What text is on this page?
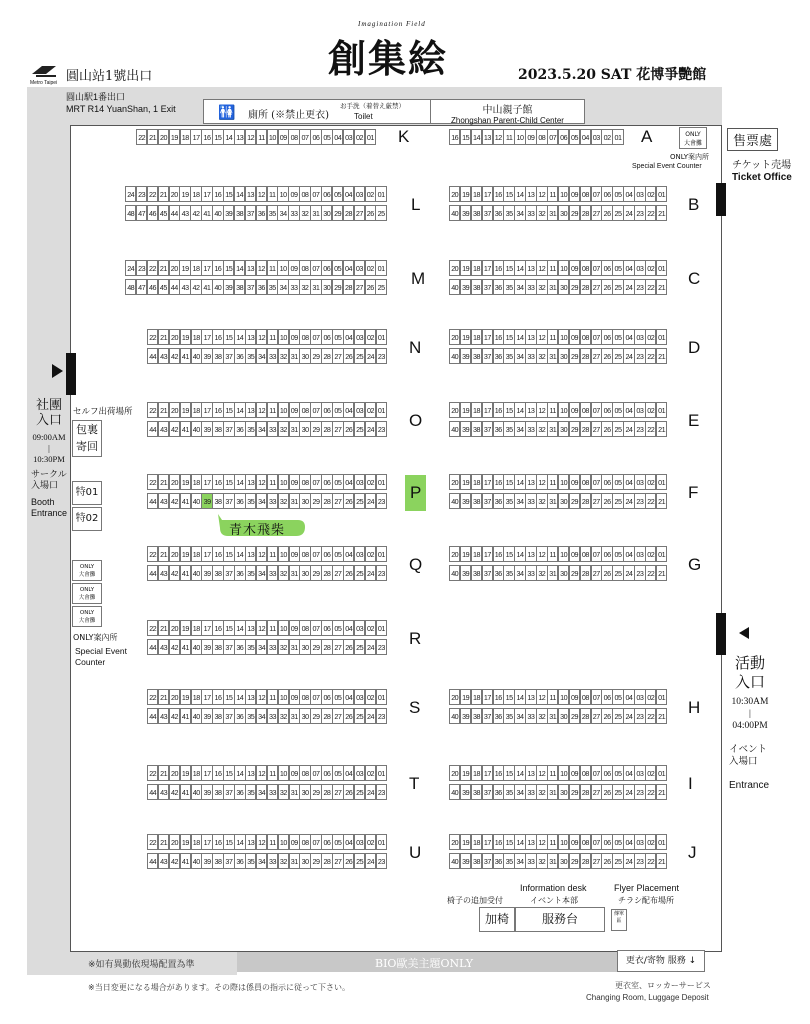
Metro Taipei 圓山站1號出口
Imagination Field
創集絵	2023.5.20 SAT 花博爭艷館
圓山駅1番出口
MRT R14 YuanShan, 1 Exit	🚻 廁所 (※禁止更衣)
お手洗（着替え厳禁）
Toilet
中山親子館
Zhongshan Parent-Child Center
售票處
チケット売場
Ticket Office
ONLY
大會攤
ONLY案内所
Special Event Counter
社團
入口
09:00AM
|
10:30PM
サークル
入場口
Booth
Entrance
セルフ出荷場所
包裏
寄回
特01
特02
ONLY
大會攤
ONLY
大會攤
ONLY
大會攤
ONLY案內所
Special Event
Counter	活動
入口
10:30AM
|
04:00PM
イベント
入場口
Entrance
22 21 20 19 18 17 16 15 14 13 12 11 10 09 08 07 06 05 04 03 02 01 K	16 15 14 13 12 11 10 09 08 07 06 05 04 03 02 01 A
24 23 22 21 20 19 18 17 16 15 14 13 12 11 10 09 08 07 06 05 04 03 02 01
48 47 46 45 44 43 42 41 40 39 38 37 36 35 34 33 32 31 30 29 28 27 26 25 L
20 19 18 17 16 15 14 13 12 11 10 09 08 07 06 05 04 03 02 01
40 39 38 37 36 35 34 33 32 31 30 29 28 27 26 25 24 23 22 21 B
24 23 22 21 20 19 18 17 16 15 14 13 12 11 10 09 08 07 06 05 04 03 02 01
48 47 46 45 44 43 42 41 40 39 38 37 36 35 34 33 32 31 30 29 28 27 26 25 M
20 19 18 17 16 15 14 13 12 11 10 09 08 07 06 05 04 03 02 01
40 39 38 37 36 35 34 33 32 31 30 29 28 27 26 25 24 23 22 21 C
22 21 20 19 18 17 16 15 14 13 12 11 10 09 08 07 06 05 04 03 02 01
44 43 42 41 40 39 38 37 36 35 34 33 32 31 30 29 28 27 26 25 24 23 N
20 19 18 17 16 15 14 13 12 11 10 09 08 07 06 05 04 03 02 01
40 39 38 37 36 35 34 33 32 31 30 29 28 27 26 25 24 23 22 21 D
22 21 20 19 18 17 16 15 14 13 12 11 10 09 08 07 06 05 04 03 02 01
44 43 42 41 40 39 38 37 36 35 34 33 32 31 30 29 28 27 26 25 24 23 O
20 19 18 17 16 15 14 13 12 11 10 09 08 07 06 05 04 03 02 01
40 39 38 37 36 35 34 33 32 31 30 29 28 27 26 25 24 23 22 21 E
22 21 20 19 18 17 16 15 14 13 12 11 10 09 08 07 06 05 04 03 02 01
44 43 42 41 40 39 38 37 36 35 34 33 32 31 30 29 28 27 26 25 24 23 P
20 19 18 17 16 15 14 13 12 11 10 09 08 07 06 05 04 03 02 01
40 39 38 37 36 35 34 33 32 31 30 29 28 27 26 25 24 23 22 21 F
22 21 20 19 18 17 16 15 14 13 12 11 10 09 08 07 06 05 04 03 02 01
44 43 42 41 40 39 38 37 36 35 34 33 32 31 30 29 28 27 26 25 24 23 Q
20 19 18 17 16 15 14 13 12 11 10 09 08 07 06 05 04 03 02 01
40 39 38 37 36 35 34 33 32 31 30 29 28 27 26 25 24 23 22 21 G
22 21 20 19 18 17 16 15 14 13 12 11 10 09 08 07 06 05 04 03 02 01
44 43 42 41 40 39 38 37 36 35 34 33 32 31 30 29 28 27 26 25 24 23 R
22 21 20 19 18 17 16 15 14 13 12 11 10 09 08 07 06 05 04 03 02 01
44 43 42 41 40 39 38 37 36 35 34 33 32 31 30 29 28 27 26 25 24 23 S
20 19 18 17 16 15 14 13 12 11 10 09 08 07 06 05 04 03 02 01
40 39 38 37 36 35 34 33 32 31 30 29 28 27 26 25 24 23 22 21 H
22 21 20 19 18 17 16 15 14 13 12 11 10 09 08 07 06 05 04 03 02 01
44 43 42 41 40 39 38 37 36 35 34 33 32 31 30 29 28 27 26 25 24 23 T
20 19 18 17 16 15 14 13 12 11 10 09 08 07 06 05 04 03 02 01
40 39 38 37 36 35 34 33 32 31 30 29 28 27 26 25 24 23 22 21 I
22 21 20 19 18 17 16 15 14 13 12 11 10 09 08 07 06 05 04 03 02 01
44 43 42 41 40 39 38 37 36 35 34 33 32 31 30 29 28 27 26 25 24 23 U
20 19 18 17 16 15 14 13 12 11 10 09 08 07 06 05 04 03 02 01
40 39 38 37 36 35 34 33 32 31 30 29 28 27 26 25 24 23 22 21 J
青木飛柴
椅子の追加受付
Information desk
イベント本部
Flyer Placement
チラシ配布場所
加椅	服務台	傳單區
※如有異動依現場配置為準	BIO歐美主題ONLY	更衣/寄物 服務 ↓
※当日変更になる場合があります。その際は係員の指示に従って下さい。	更衣室、ロッカーサービス
Changing Room, Luggage Deposit
